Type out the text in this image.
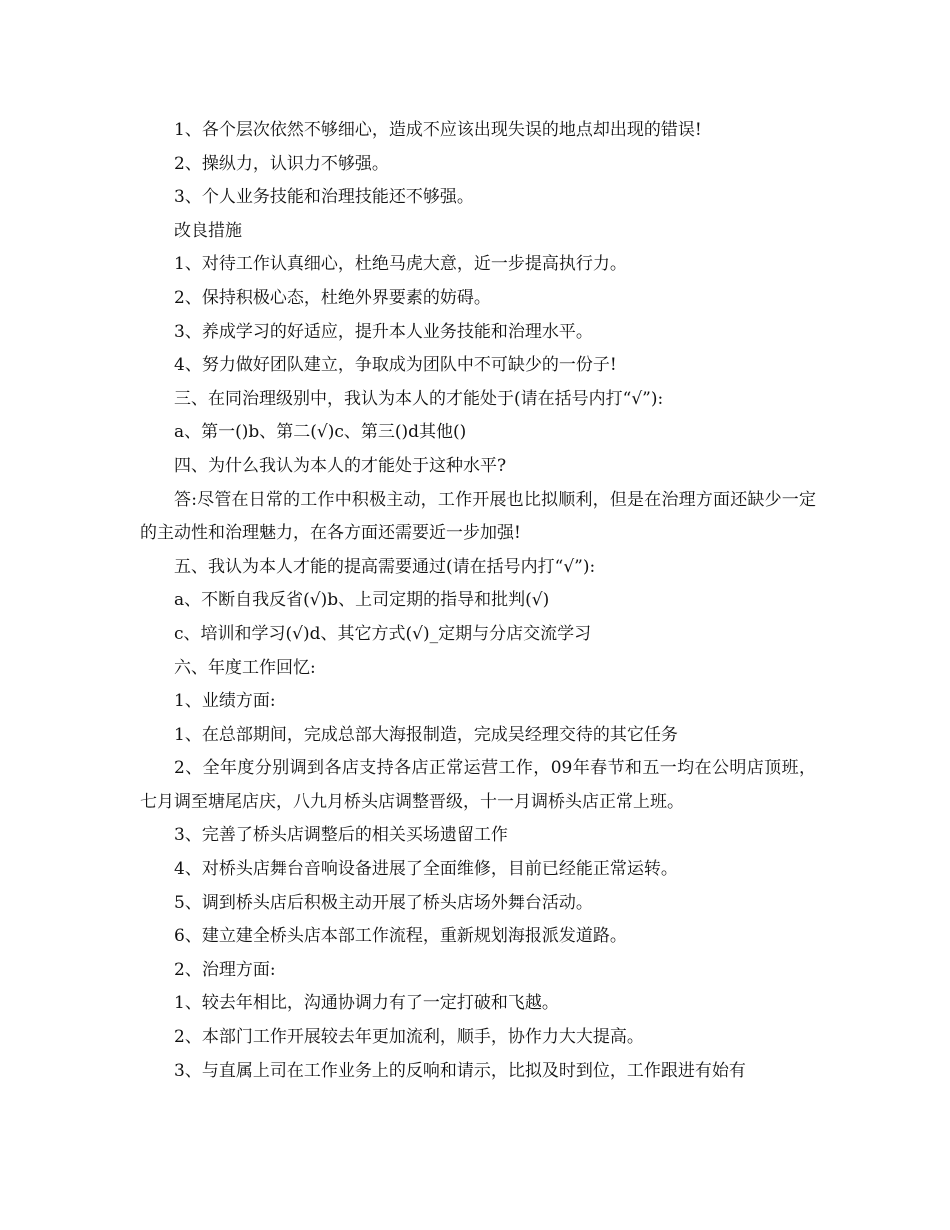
1、各个层次依然不够细心，造成不应该出现失误的地点却出现的错误!

2、操纵力，认识力不够强。

3、个人业务技能和治理技能还不够强。

改良措施

1、对待工作认真细心，杜绝马虎大意，近一步提高执行力。

2、保持积极心态，杜绝外界要素的妨碍。

3、养成学习的好适应，提升本人业务技能和治理水平。

4、努力做好团队建立，争取成为团队中不可缺少的一份子!

三、在同治理级别中，我认为本人的才能处于(请在括号内打“√”):

a、第一()b、第二(√)c、第三()d其他()

四、为什么我认为本人的才能处于这种水平?

答:尽管在日常的工作中积极主动，工作开展也比拟顺利，但是在治理方面还缺少一定的主动性和治理魅力，在各方面还需要近一步加强!

五、我认为本人才能的提高需要通过(请在括号内打“√”):

a、不断自我反省(√)b、上司定期的指导和批判(√)

c、培训和学习(√)d、其它方式(√)_定期与分店交流学习

六、年度工作回忆:

1、业绩方面:

1、在总部期间，完成总部大海报制造，完成吴经理交待的其它任务

2、全年度分别调到各店支持各店正常运营工作，09年春节和五一均在公明店顶班，七月调至塘尾店庆，八九月桥头店调整晋级，十一月调桥头店正常上班。

3、完善了桥头店调整后的相关买场遗留工作

4、对桥头店舞台音响设备进展了全面维修，目前已经能正常运转。

5、调到桥头店后积极主动开展了桥头店场外舞台活动。

6、建立建全桥头店本部工作流程，重新规划海报派发道路。

2、治理方面:

1、较去年相比，沟通协调力有了一定打破和飞越。

2、本部门工作开展较去年更加流利，顺手，协作力大大提高。

3、与直属上司在工作业务上的反响和请示，比拟及时到位，工作跟进有始有
